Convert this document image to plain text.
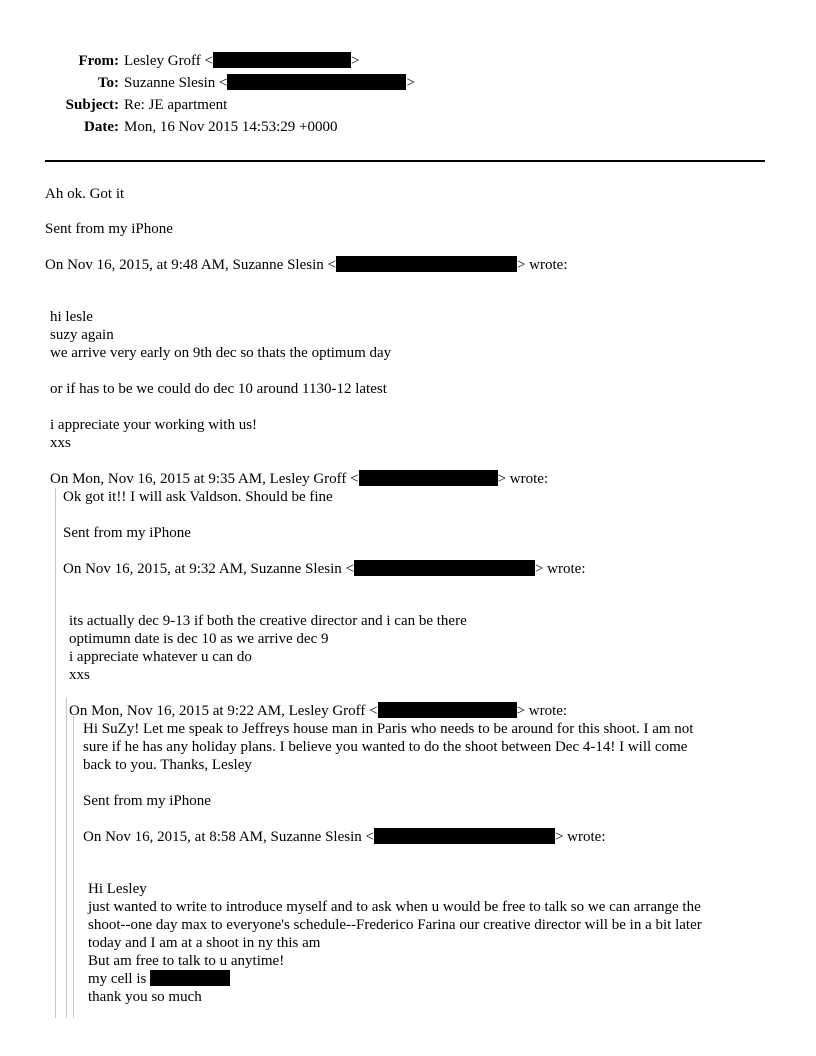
From: Lesley Groff <	>
To: Suzanne Slesin <	>
Subject: Re: JE apartment
Date: Mon, 16 Nov 2015 14:53:29 +0000
Ah ok. Got it
Sent from my iPhone
On Nov 16, 2015, at 9:48 AM, Suzanne Slesin <	> wrote:
hi lesle
suzy again
we arrive very early on 9th dec so thats the optimum day
or if has to be we could do dec 10 around 1130-12 latest
i appreciate your working with us!
xxs
On Mon, Nov 16, 2015 at 9:35 AM, Lesley Groff <	> wrote:
Ok got it!! I will ask Valdson. Should be fine
Sent from my iPhone
On Nov 16, 2015, at 9:32 AM, Suzanne Slesin <	> wrote:
its actually dec 9-13 if both the creative director and i can be there
optimumn date is dec 10 as we arrive dec 9
i appreciate whatever u can do
xxs
On Mon, Nov 16, 2015 at 9:22 AM, Lesley Groff <	> wrote:
Hi SuZy! Let me speak to Jeffreys house man in Paris who needs to be around for this shoot. I am not
sure if he has any holiday plans. I believe you wanted to do the shoot between Dec 4-14! I will come
back to you. Thanks, Lesley
Sent from my iPhone
On Nov 16, 2015, at 8:58 AM, Suzanne Slesin <	> wrote:
Hi Lesley
just wanted to write to introduce myself and to ask when u would be free to talk so we can arrange the
shoot--one day max to everyone's schedule--Frederico Farina our creative director will be in a bit later
today and I am at a shoot in ny this am
But am free to talk to u anytime!
my cell is
thank you so much
